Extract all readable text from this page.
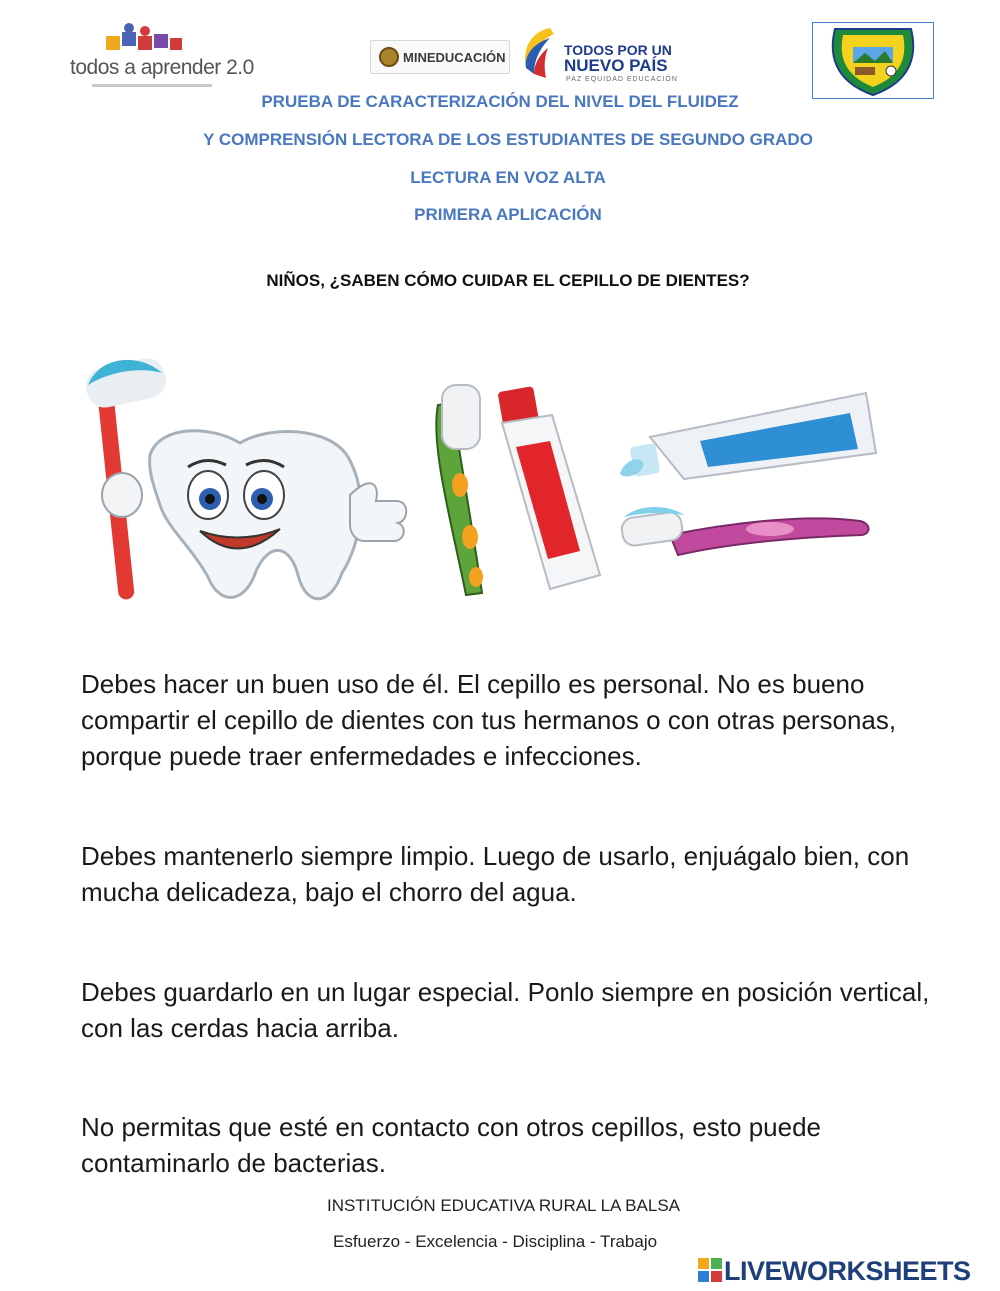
todos a aprender 2.0	MINEDUCACIÓN	TODOS POR UN
NUEVO PAÍS
PAZ EQUIDAD EDUCACIÓN
PRUEBA DE CARACTERIZACIÓN DEL NIVEL DEL FLUIDEZ
Y COMPRENSIÓN LECTORA DE LOS ESTUDIANTES DE SEGUNDO GRADO
LECTURA EN VOZ ALTA
PRIMERA APLICACIÓN
NIÑOS, ¿SABEN CÓMO CUIDAR EL CEPILLO DE DIENTES?

Debes hacer un buen uso de él. El cepillo es personal. No es bueno compartir el cepillo de dientes con tus hermanos o con otras personas, porque puede traer enfermedades e infecciones.

Debes mantenerlo siempre limpio. Luego de usarlo, enjuágalo bien, con mucha delicadeza, bajo el chorro del agua.

Debes guardarlo en un lugar especial. Ponlo siempre en posición vertical, con las cerdas hacia arriba.

No permitas que esté en contacto con otros cepillos, esto puede contaminarlo de bacterias.

INSTITUCIÓN EDUCATIVA RURAL LA BALSA
Esfuerzo - Excelencia - Disciplina - Trabajo
LIVEWORKSHEETS
